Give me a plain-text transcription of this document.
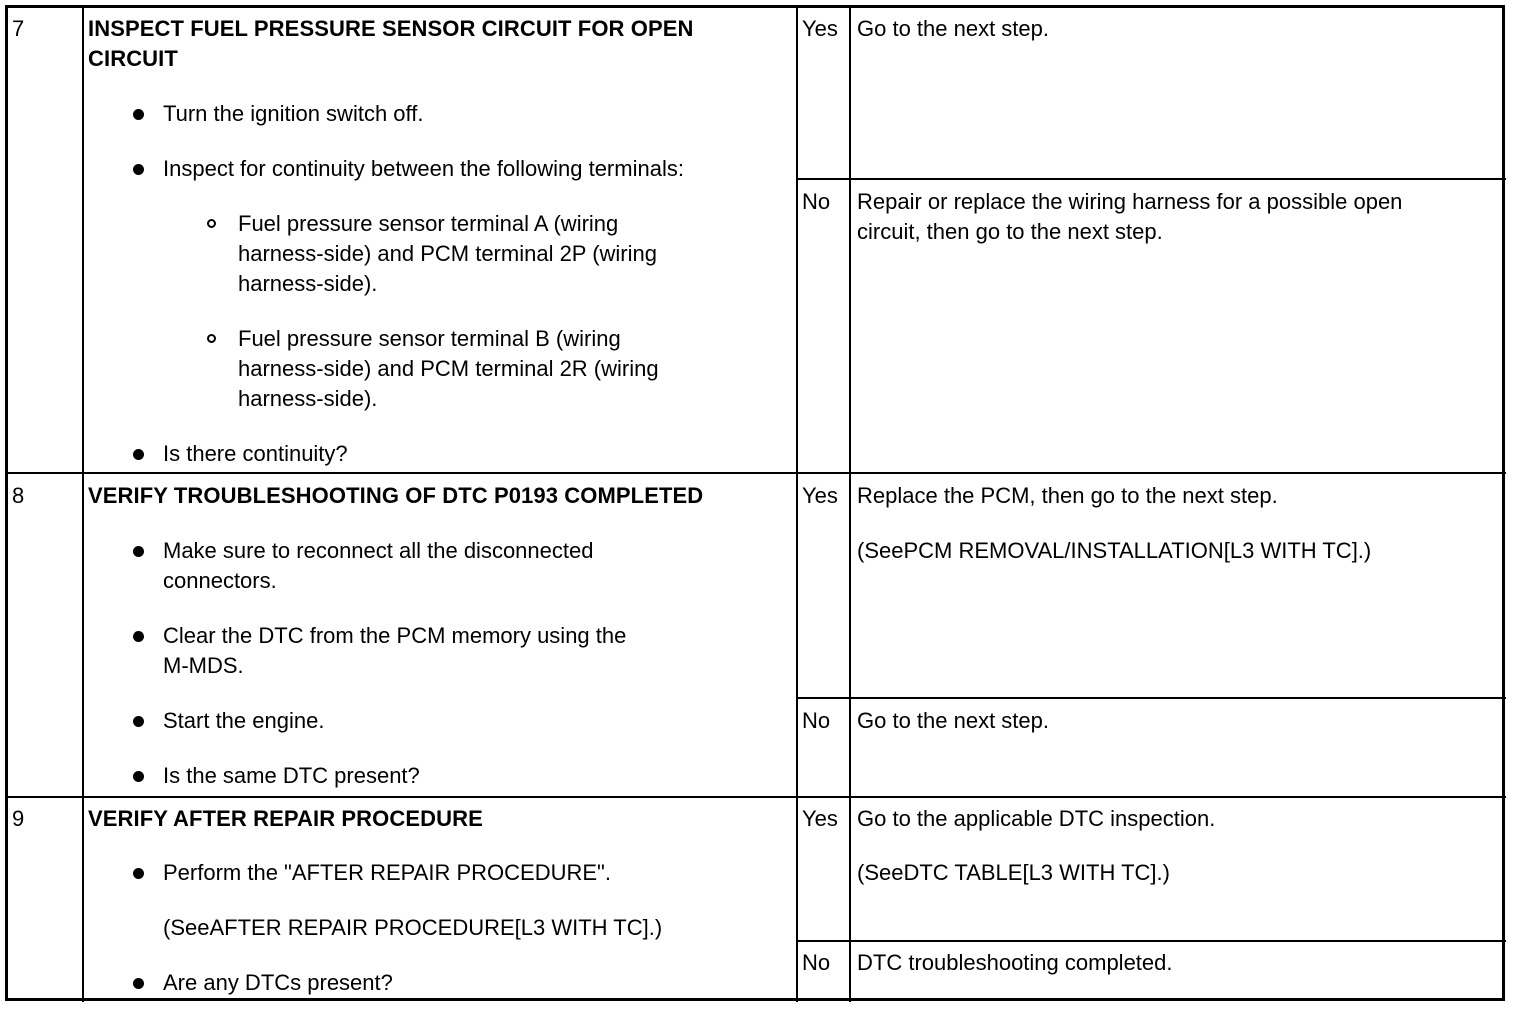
7	INSPECT FUEL PRESSURE SENSOR CIRCUIT FOR OPEN
CIRCUIT
Turn the ignition switch off.
Inspect for continuity between the following terminals:
Fuel pressure sensor terminal A (wiring
harness-side) and PCM terminal 2P (wiring
harness-side).
Fuel pressure sensor terminal B (wiring
harness-side) and PCM terminal 2R (wiring
harness-side).
Is there continuity?
Yes Go to the next step.
No Repair or replace the wiring harness for a possible open
circuit, then go to the next step.
8	VERIFY TROUBLESHOOTING OF DTC P0193 COMPLETED
Make sure to reconnect all the disconnected
connectors.
Clear the DTC from the PCM memory using the
M-MDS.
Start the engine.
Is the same DTC present?
Yes Replace the PCM, then go to the next step.
(SeePCM REMOVAL/INSTALLATION[L3 WITH TC].)
No Go to the next step.
9	VERIFY AFTER REPAIR PROCEDURE
Perform the "AFTER REPAIR PROCEDURE".
(SeeAFTER REPAIR PROCEDURE[L3 WITH TC].)
Are any DTCs present?
Yes Go to the applicable DTC inspection.
(SeeDTC TABLE[L3 WITH TC].)
No DTC troubleshooting completed.
